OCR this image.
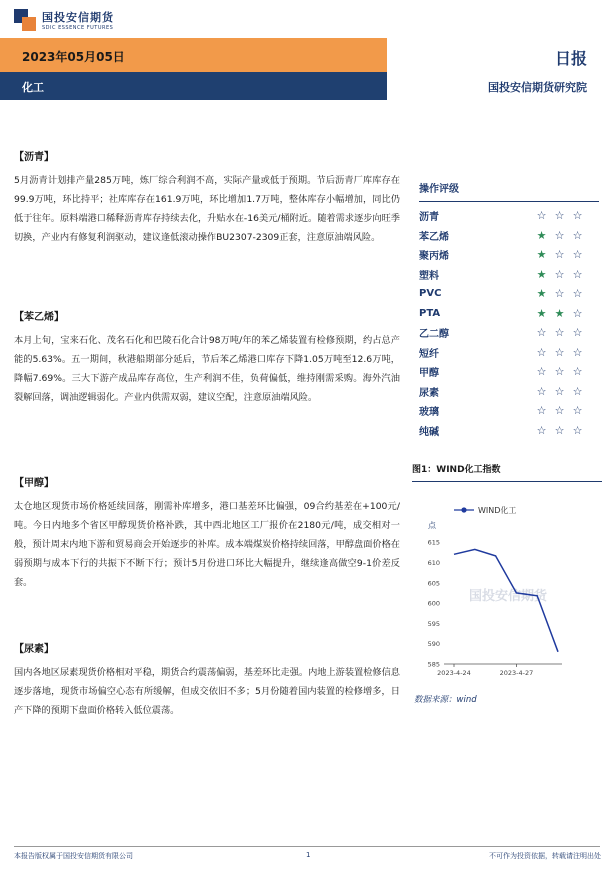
国投安信期货
SDIC ESSENCE FUTURES
2023年05月05日	日报
化工	国投安信期货研究院
【沥青】
5月沥青计划排产量285万吨，炼厂综合利润不高，实际产量或低于预期。节后沥青厂库库存在99.9万吨，环比持平；社库库存在161.9万吨，环比增加1.7万吨，整体库存小幅增加，同比仍低于往年。原料端港口稀释沥青库存持续去化，升贴水在-16美元/桶附近。随着需求逐步向旺季切换，产业内有修复利润驱动，建议逢低滚动操作BU2307-2309正套，注意原油端风险。
【苯乙烯】
本月上旬，宝来石化、茂名石化和巴陵石化合计98万吨/年的苯乙烯装置有检修预期，约占总产能的5.63%。五一期间，秋港船期部分延后，节后苯乙烯港口库存下降1.05万吨至12.6万吨，降幅7.69%。三大下游产成品库存高位，生产利润不佳，负荷偏低，维持刚需采购。海外汽油裂解回落，调油逻辑弱化。产业内供需双弱，建议空配，注意原油端风险。
【甲醇】
太仓地区现货市场价格延续回落，刚需补库增多，港口基差环比偏强，09合约基差在+100元/吨。今日内地多个省区甲醇现货价格补跌，其中西北地区工厂报价在2180元/吨，成交相对一般，预计周末内地下游和贸易商会开始逐步的补库。成本端煤炭价格持续回落，甲醇盘面价格在弱预期与成本下行的共振下不断下行；预计5月份进口环比大幅提升，继续逢高做空9-1价差反套。
【尿素】
国内各地区尿素现货价格相对平稳，期货合约震荡偏弱，基差环比走强。内地上游装置检修信息逐步落地，现货市场偏空心态有所缓解，但成交依旧不多；5月份随着国内装置的检修增多，日产下降的预期下盘面价格转入低位震荡。
操作评级
沥青	☆ ☆ ☆
苯乙烯	★ ☆ ☆
聚丙烯	★ ☆ ☆
塑料	★ ☆ ☆
PVC	★ ☆ ☆
PTA	★ ★ ☆
乙二醇	☆ ☆ ☆
短纤	☆ ☆ ☆
甲醇	☆ ☆ ☆
尿素	☆ ☆ ☆
玻璃	☆ ☆ ☆
纯碱	☆ ☆ ☆
图1：WIND化工指数
国投安信期货
WIND化工
点
585
590
595
600
605
610
615
2023-4-24	2023-4-27
数据来源：wind
本报告版权属于国投安信期货有限公司	1	不可作为投资依据，转载请注明出处
